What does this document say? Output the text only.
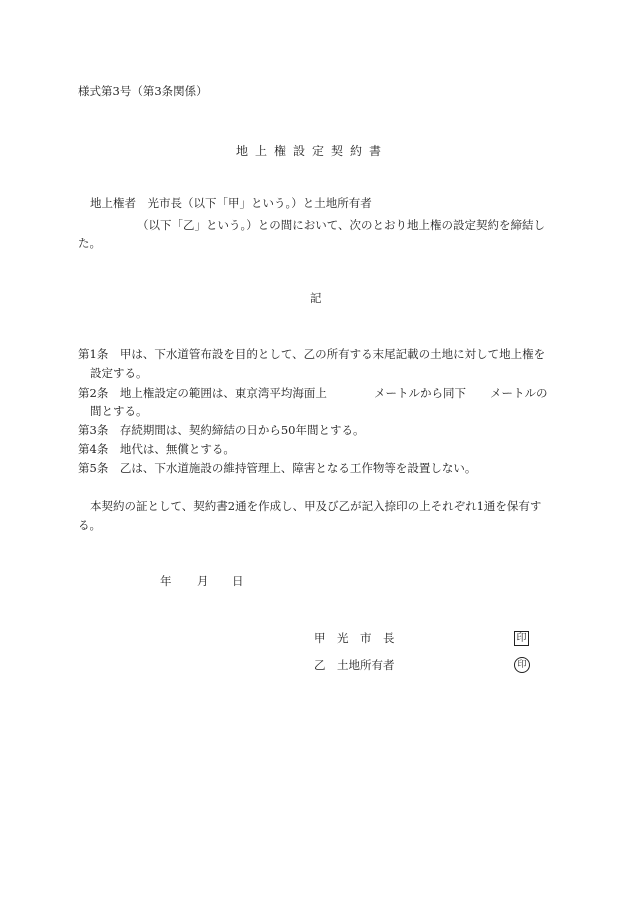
様式第3号（第3条関係）
地上権設定契約書
地上権者　光市長（以下「甲」という。）と土地所有者
（以下「乙」という。）との間において、次のとおり地上権の設定契約を締結し
た。
記
第1条　甲は、下水道管布設を目的として、乙の所有する末尾記載の土地に対して地上権を
設定する。
第2条　地上権設定の範囲は、東京湾平均海面上	メートルから同下 メートルの
間とする。
第3条　存続期間は、契約締結の日から50年間とする。
第4条　地代は、無償とする。
第5条　乙は、下水道施設の維持管理上、障害となる工作物等を設置しない。
本契約の証として、契約書2通を作成し、甲及び乙が記入捺印の上それぞれ1通を保有す
る。
年 月 日
甲　光　市　長	印
乙　土地所有者	印
